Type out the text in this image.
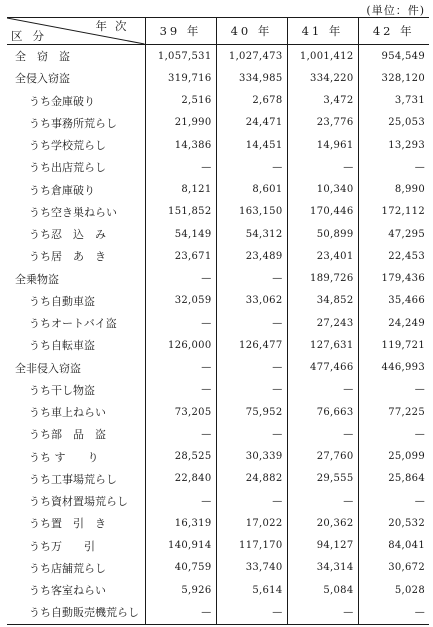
(単位：件)
年次
区分	39 年	40 年	41 年	42 年
全　窃　盗	1,057,531	1,027,473	1,001,412	954,549
全侵入窃盗	319,716	334,985	334,220	328,120
うち金庫破り	2,516	2,678	3,472	3,731
うち事務所荒らし	21,990	24,471	23,776	25,053
うち学校荒らし	14,386	14,451	14,961	13,293
うち出店荒らし	—	—	—	—
うち倉庫破り	8,121	8,601	10,340	8,990
うち空き巣ねらい	151,852	163,150	170,446	172,112
うち忍　込　み	54,149	54,312	50,899	47,295
うち居　あ　き	23,671	23,489	23,401	22,453
全乗物盗	—	—	189,726	179,436
うち自動車盗	32,059	33,062	34,852	35,466
うちオートバイ盗	—	—	27,243	24,249
うち自転車盗	126,000	126,477	127,631	119,721
全非侵入窃盗	—	—	477,466	446,993
うち干し物盗	—	—	—	—
うち車上ねらい	73,205	75,952	76,663	77,225
うち部　品　盗	—	—	—	—
うち す　　り	28,525	30,339	27,760	25,099
うち工事場荒らし	22,840	24,882	29,555	25,864
うち資材置場荒らし	—	—	—	—
うち置　引　き	16,319	17,022	20,362	20,532
うち万　　引	140,914	117,170	94,127	84,041
うち店舗荒らし	40,759	33,740	34,314	30,672
うち客室ねらい	5,926	5,614	5,084	5,028
うち自動販売機荒らし	—	—	—	—
